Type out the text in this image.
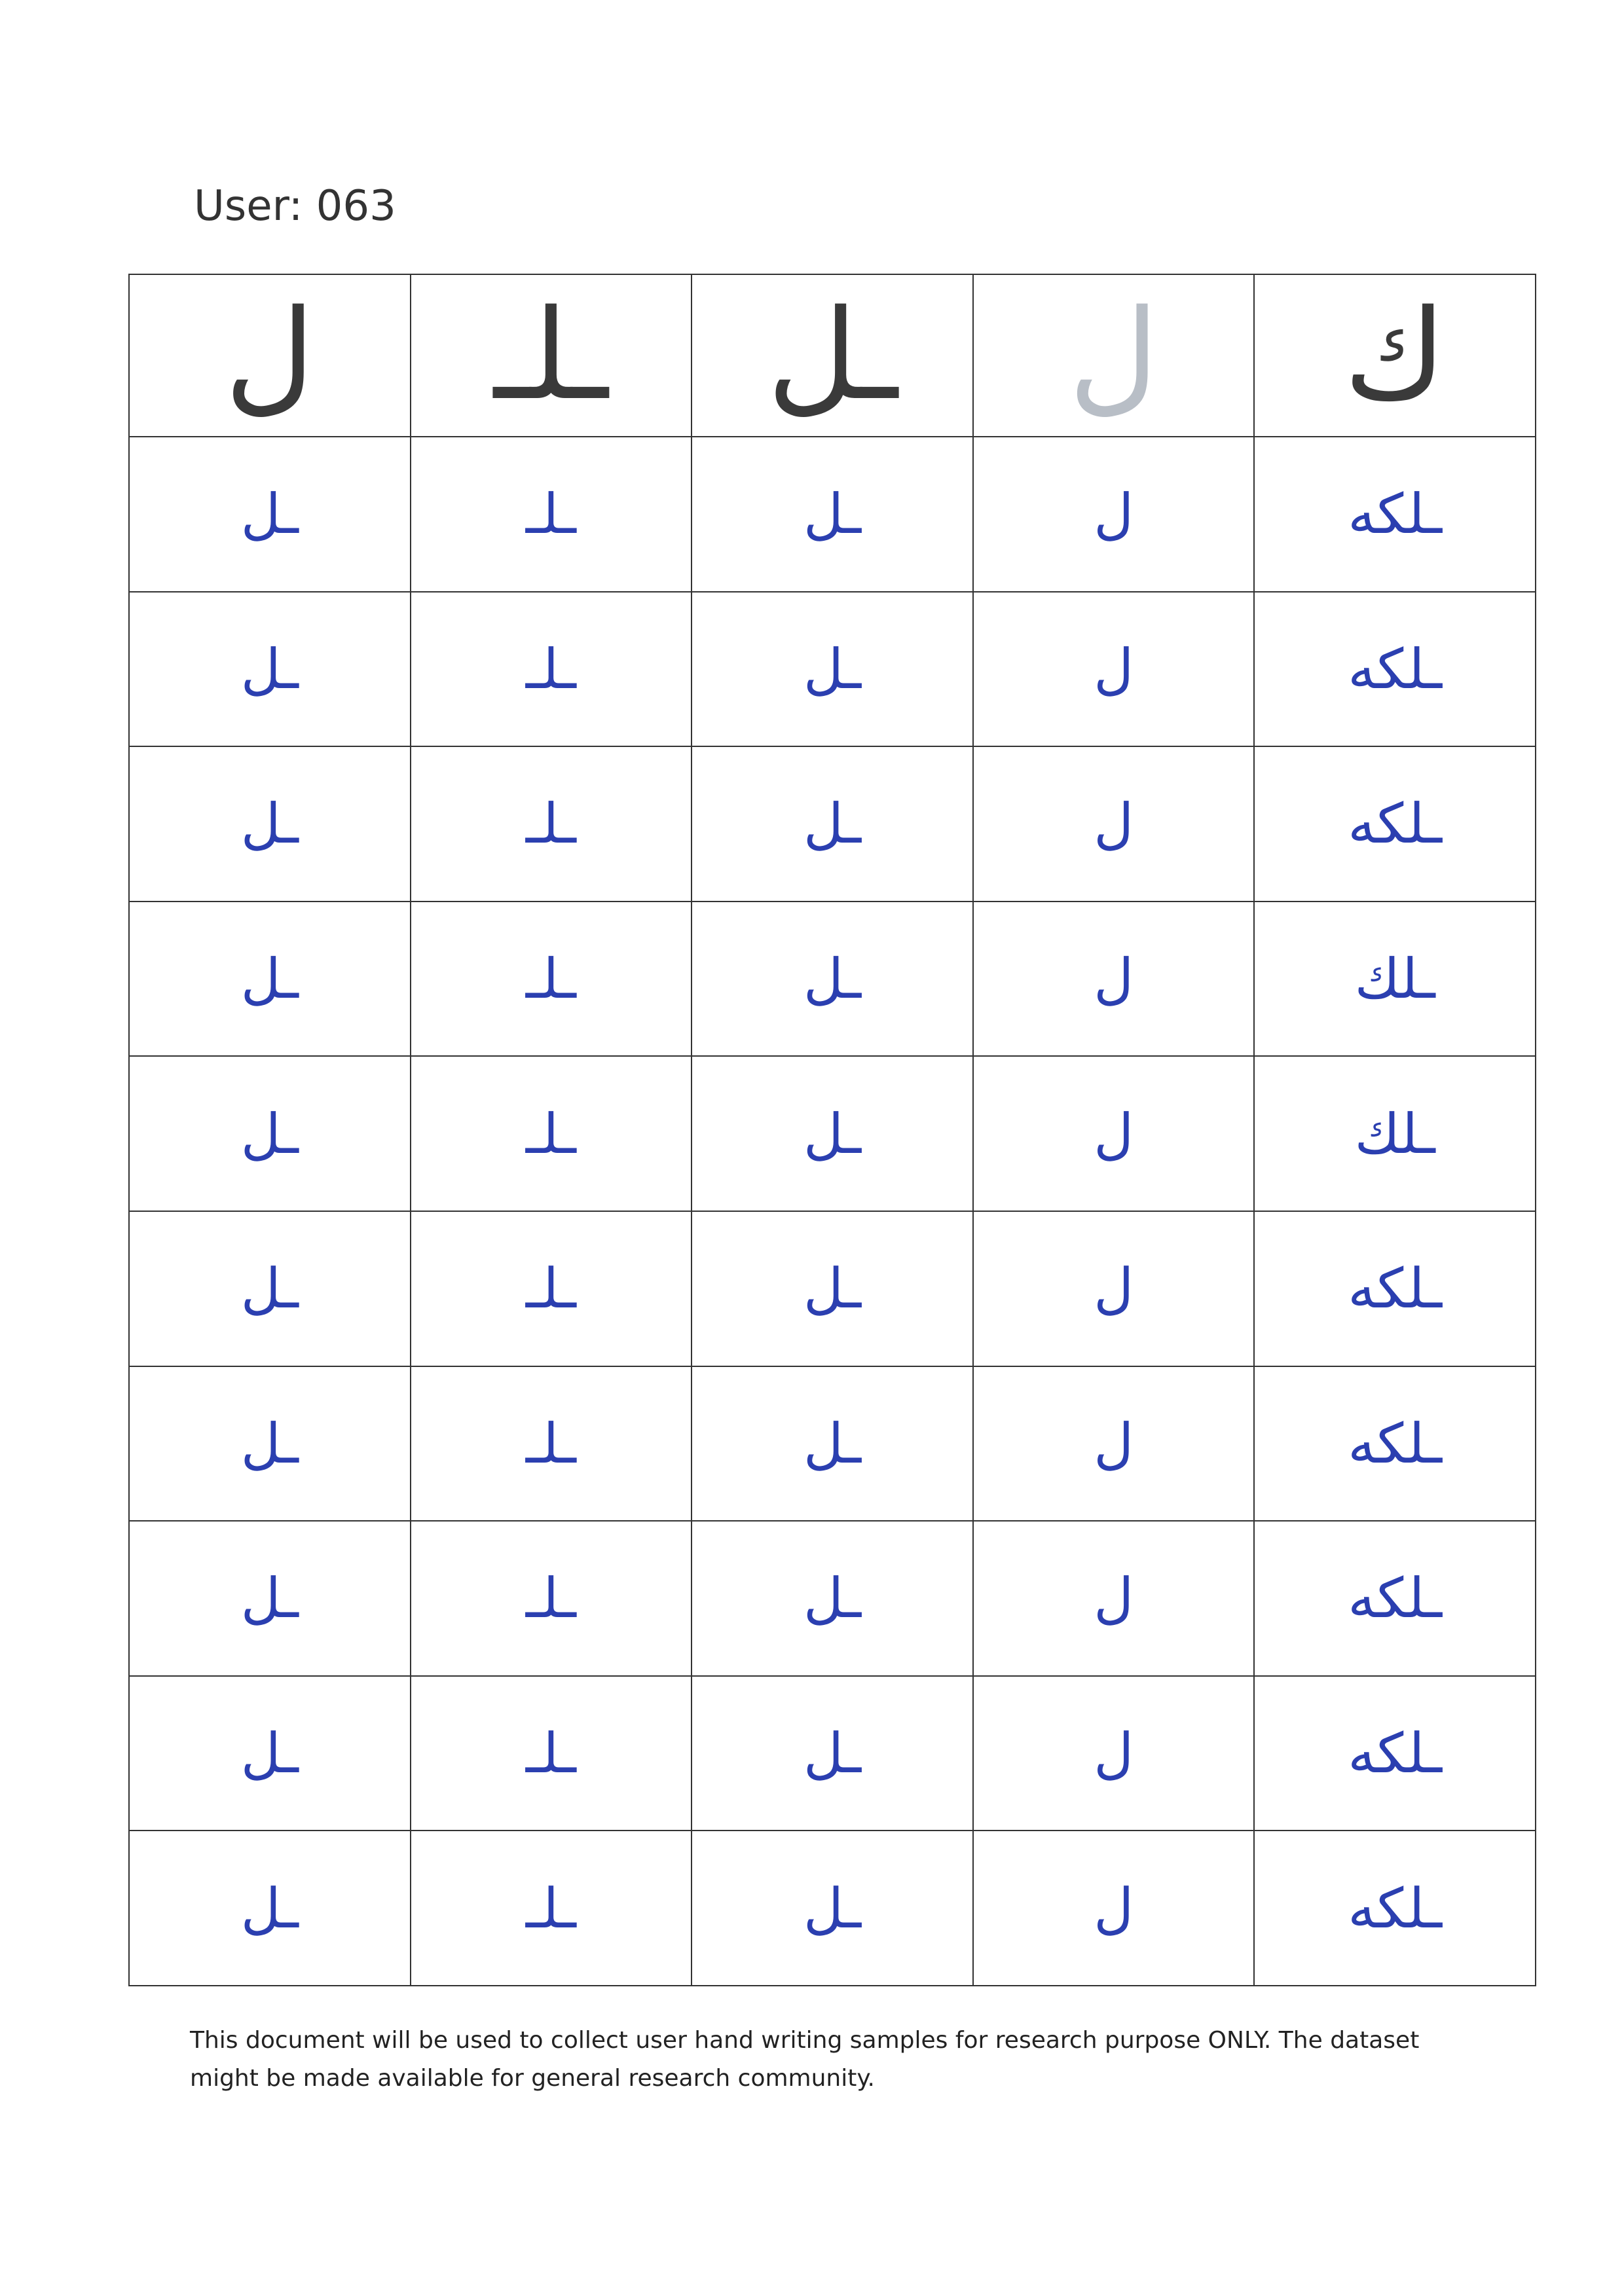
User: 063
ل	ـلـ	ـل	ل	ك
ـل	ـلـ	ـل	ل	ـلكه
ـل	ـلـ	ـل	ل	ـلكه
ـل	ـلـ	ـل	ل	ـلكه
ـل	ـلـ	ـل	ل	ـلك
ـل	ـلـ	ـل	ل	ـلك
ـل	ـلـ	ـل	ل	ـلكه
ـل	ـلـ	ـل	ل	ـلكه
ـل	ـلـ	ـل	ل	ـلكه
ـل	ـلـ	ـل	ل	ـلكه
ـل	ـلـ	ـل	ل	ـلكه
This document will be used to collect user hand writing samples for research purpose ONLY. The dataset might be made available for general research community.
